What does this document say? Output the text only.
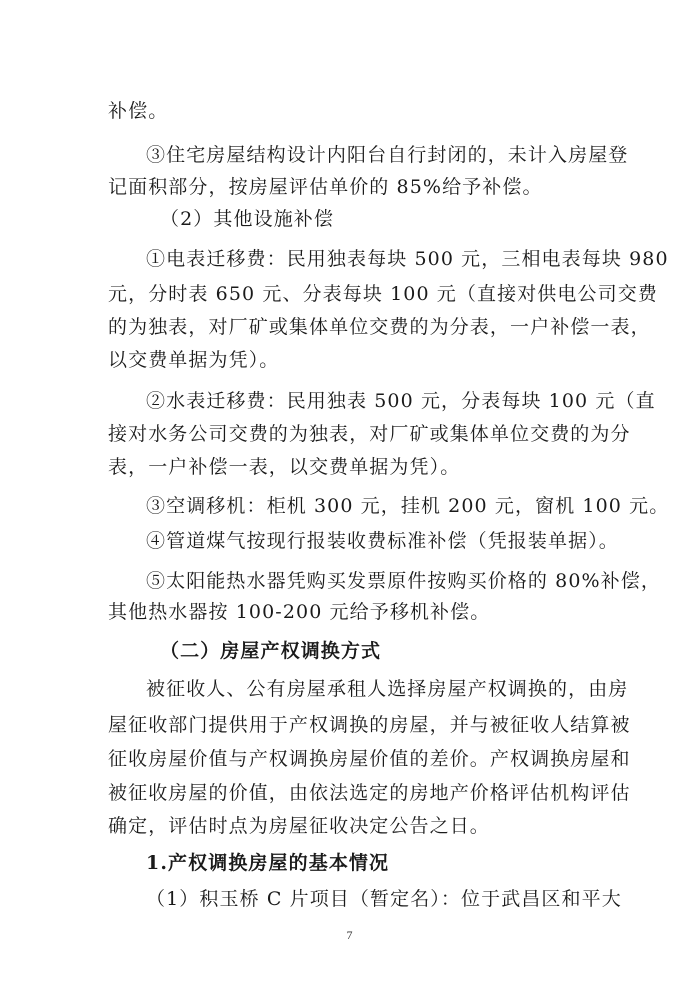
补偿。
③住宅房屋结构设计内阳台自行封闭的，未计入房屋登
记面积部分，按房屋评估单价的 85%给予补偿。
（2）其他设施补偿
①电表迁移费：民用独表每块 500 元，三相电表每块 980
元，分时表 650 元、分表每块 100 元（直接对供电公司交费
的为独表，对厂矿或集体单位交费的为分表，一户补偿一表，
以交费单据为凭）。
②水表迁移费：民用独表 500 元，分表每块 100 元（直
接对水务公司交费的为独表，对厂矿或集体单位交费的为分
表，一户补偿一表，以交费单据为凭）。
③空调移机：柜机 300 元，挂机 200 元，窗机 100 元。
④管道煤气按现行报装收费标准补偿（凭报装单据）。
⑤太阳能热水器凭购买发票原件按购买价格的 80%补偿，
其他热水器按 100-200 元给予移机补偿。
（二）房屋产权调换方式
被征收人、公有房屋承租人选择房屋产权调换的，由房
屋征收部门提供用于产权调换的房屋，并与被征收人结算被
征收房屋价值与产权调换房屋价值的差价。产权调换房屋和
被征收房屋的价值，由依法选定的房地产价格评估机构评估
确定，评估时点为房屋征收决定公告之日。
1.产权调换房屋的基本情况
（1）积玉桥 C 片项目（暂定名）：位于武昌区和平大
7
